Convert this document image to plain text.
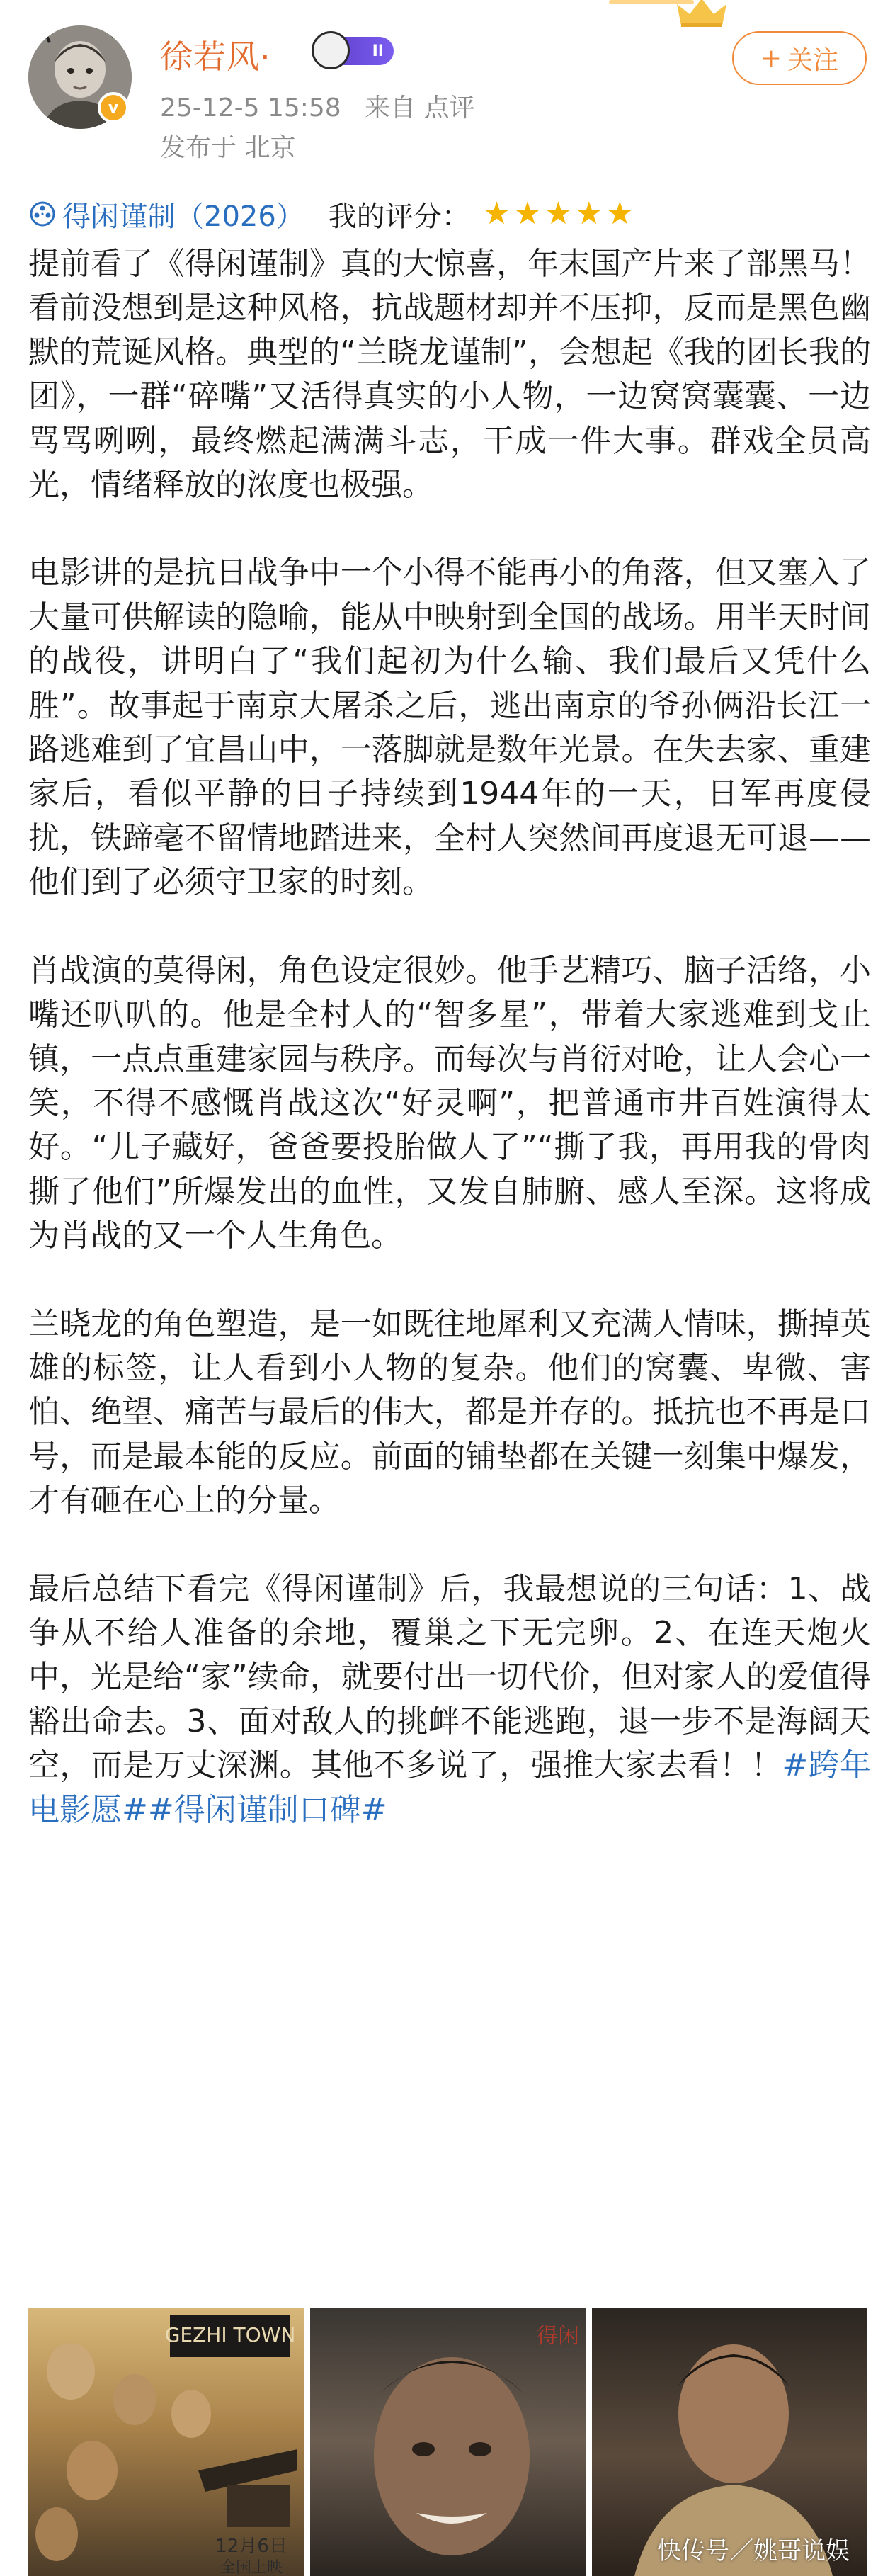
v
徐若风·	II
25-12-5 15:58 来自 点评
发布于 北京
+ 关注
得闲谨制（2026） 我的评分： ★ ★ ★ ★ ★

提前看了《得闲谨制》真的大惊喜，年末国产片来了部黑马！看前没想到是这种风格，抗战题材却并不压抑，反而是黑色幽默的荒诞风格。典型的“兰晓龙谨制”，会想起《我的团长我的团》，一群“碎嘴”又活得真实的小人物，一边窝窝囊囊、一边骂骂咧咧，最终燃起满满斗志，干成一件大事。群戏全员高光，情绪释放的浓度也极强。

电影讲的是抗日战争中一个小得不能再小的角落，但又塞入了大量可供解读的隐喻，能从中映射到全国的战场。用半天时间的战役，讲明白了“我们起初为什么输、我们最后又凭什么胜”。故事起于南京大屠杀之后，逃出南京的爷孙俩沿长江一路逃难到了宜昌山中，一落脚就是数年光景。在失去家、重建家后，看似平静的日子持续到1944年的一天，日军再度侵扰，铁蹄毫不留情地踏进来，全村人突然间再度退无可退——他们到了必须守卫家的时刻。

肖战演的莫得闲，角色设定很妙。他手艺精巧、脑子活络，小嘴还叭叭的。他是全村人的“智多星”，带着大家逃难到戈止镇，一点点重建家园与秩序。而每次与肖衍对呛，让人会心一笑，不得不感慨肖战这次“好灵啊”，把普通市井百姓演得太好。“儿子藏好，爸爸要投胎做人了”“撕了我，再用我的骨肉撕了他们”所爆发出的血性，又发自肺腑、感人至深。这将成为肖战的又一个人生角色。

兰晓龙的角色塑造，是一如既往地犀利又充满人情味，撕掉英雄的标签，让人看到小人物的复杂。他们的窝囊、卑微、害怕、绝望、痛苦与最后的伟大，都是并存的。抵抗也不再是口号，而是最本能的反应。前面的铺垫都在关键一刻集中爆发，才有砸在心上的分量。

最后总结下看完《得闲谨制》后，我最想说的三句话：1、战争从不给人准备的余地，覆巢之下无完卵。2、在连天炮火中，光是给“家”续命，就要付出一切代价，但对家人的爱值得豁出命去。3、面对敌人的挑衅不能逃跑，退一步不是海阔天空，而是万丈深渊。其他不多说了，强推大家去看！！#跨年电影愿##得闲谨制口碑#

GEZHI TOWN
12月6日
全国上映
得闲
快传号／姚哥说娱
